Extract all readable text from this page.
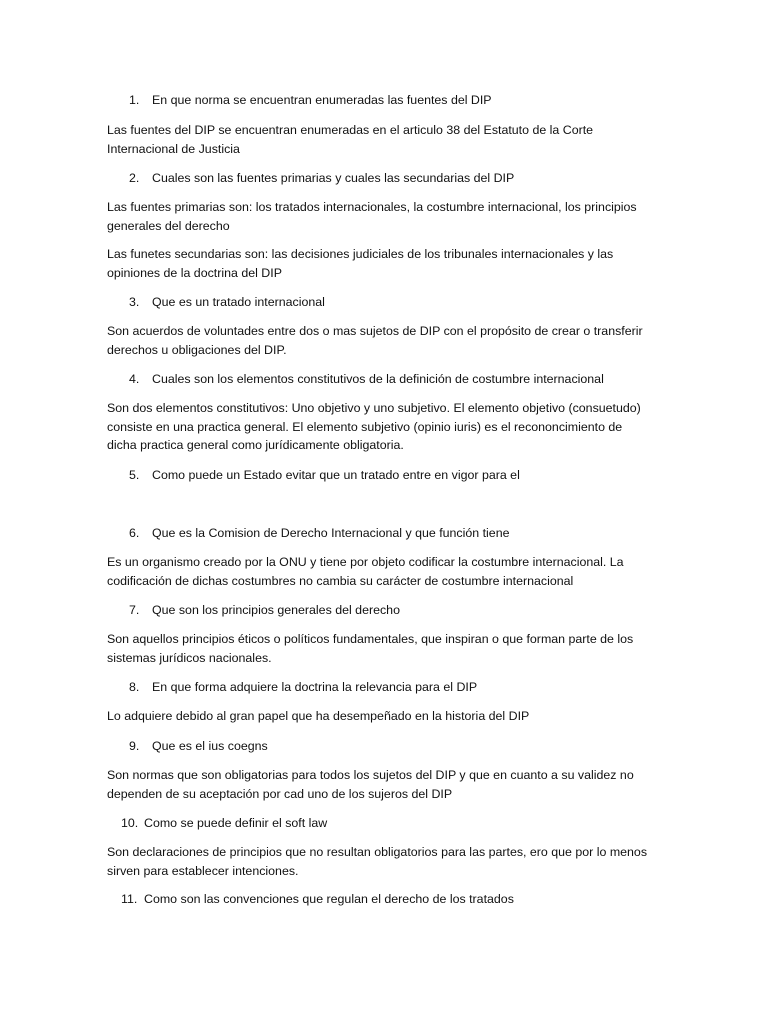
1. En que norma se encuentran enumeradas las fuentes del DIP

Las fuentes del DIP se encuentran enumeradas en el articulo 38 del Estatuto de la Corte

Internacional de Justicia

2. Cuales son las fuentes primarias y cuales las secundarias del DIP

Las fuentes primarias son: los tratados internacionales, la costumbre internacional, los principios

generales del derecho

Las funetes secundarias son: las decisiones judiciales de los tribunales internacionales y las

opiniones de la doctrina del DIP

3. Que es un tratado internacional

Son acuerdos de voluntades entre dos o mas sujetos de DIP con el propósito de crear o transferir

derechos u obligaciones del DIP.

4. Cuales son los elementos constitutivos de la definición de costumbre internacional

Son dos elementos constitutivos: Uno objetivo y uno subjetivo. El elemento objetivo (consuetudo)

consiste en una practica general. El elemento subjetivo (opinio iuris) es el recononcimiento de

dicha practica general como jurídicamente obligatoria.

5. Como puede un Estado evitar que un tratado entre en vigor para el
6. Que es la Comision de Derecho Internacional y que función tiene

Es un organismo creado por la ONU y tiene por objeto codificar la costumbre internacional. La

codificación de dichas costumbres no cambia su carácter de costumbre internacional

7. Que son los principios generales del derecho

Son aquellos principios éticos o políticos fundamentales, que inspiran o que forman parte de los

sistemas jurídicos nacionales.

8. En que forma adquiere la doctrina la relevancia para el DIP

Lo adquiere debido al gran papel que ha desempeñado en la historia del DIP

9. Que es el ius coegns

Son normas que son obligatorias para todos los sujetos del DIP y que en cuanto a su validez no

dependen de su aceptación por cad uno de los sujeros del DIP

10. Como se puede definir el soft law

Son declaraciones de principios que no resultan obligatorios para las partes, ero que por lo menos

sirven para establecer intenciones.

11. Como son las convenciones que regulan el derecho de los tratados
